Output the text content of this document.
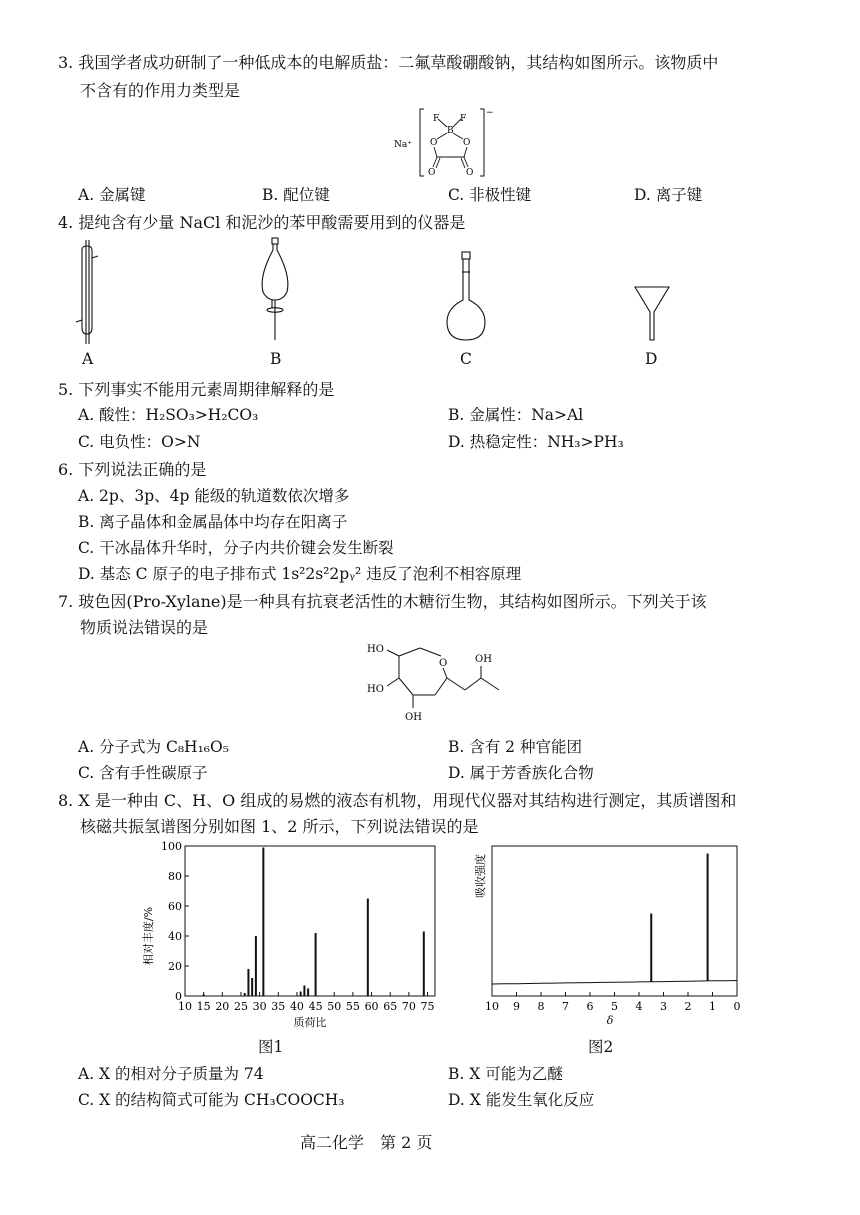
3. 我国学者成功研制了一种低成本的电解质盐：二氟草酸硼酸钠，其结构如图所示。该物质中
不含有的作用力类型是
Na⁺
−
F F
B
O	O
O	O
A. 金属键	B. 配位键	C. 非极性键	D. 离子键
4. 提纯含有少量 NaCl 和泥沙的苯甲酸需要用到的仪器是
A	B	C	D
5. 下列事实不能用元素周期律解释的是
A. 酸性：H₂SO₃>H₂CO₃	B. 金属性：Na>Al
C. 电负性：O>N	D. 热稳定性：NH₃>PH₃
6. 下列说法正确的是
A. 2p、3p、4p 能级的轨道数依次增多
B. 离子晶体和金属晶体中均存在阳离子
C. 干冰晶体升华时，分子内共价键会发生断裂
D. 基态 C 原子的电子排布式 1s²2s²2pᵧ² 违反了泡利不相容原理
7. 玻色因(Pro-Xylane)是一种具有抗衰老活性的木糖衍生物，其结构如图所示。下列关于该
物质说法错误的是
HO
HO
OH
O	OH
A. 分子式为 C₈H₁₆O₅	B. 含有 2 种官能团
C. 含有手性碳原子	D. 属于芳香族化合物
8. X 是一种由 C、H、O 组成的易燃的液态有机物，用现代仪器对其结构进行测定，其质谱图和
核磁共振氢谱图分别如图 1、2 所示，下列说法错误的是
0
20
40
60
80
100
10 15 20 25 30 35 40 45 50 55 60 65 70 75
相对丰度/%
质荷比
图1
吸收强度
10 9 8 7 6 5 4 3 2 1 0
δ
图2
A. X 的相对分子质量为 74	B. X 可能为乙醚
C. X 的结构简式可能为 CH₃COOCH₃	D. X 能发生氧化反应
高二化学　第 2 页
